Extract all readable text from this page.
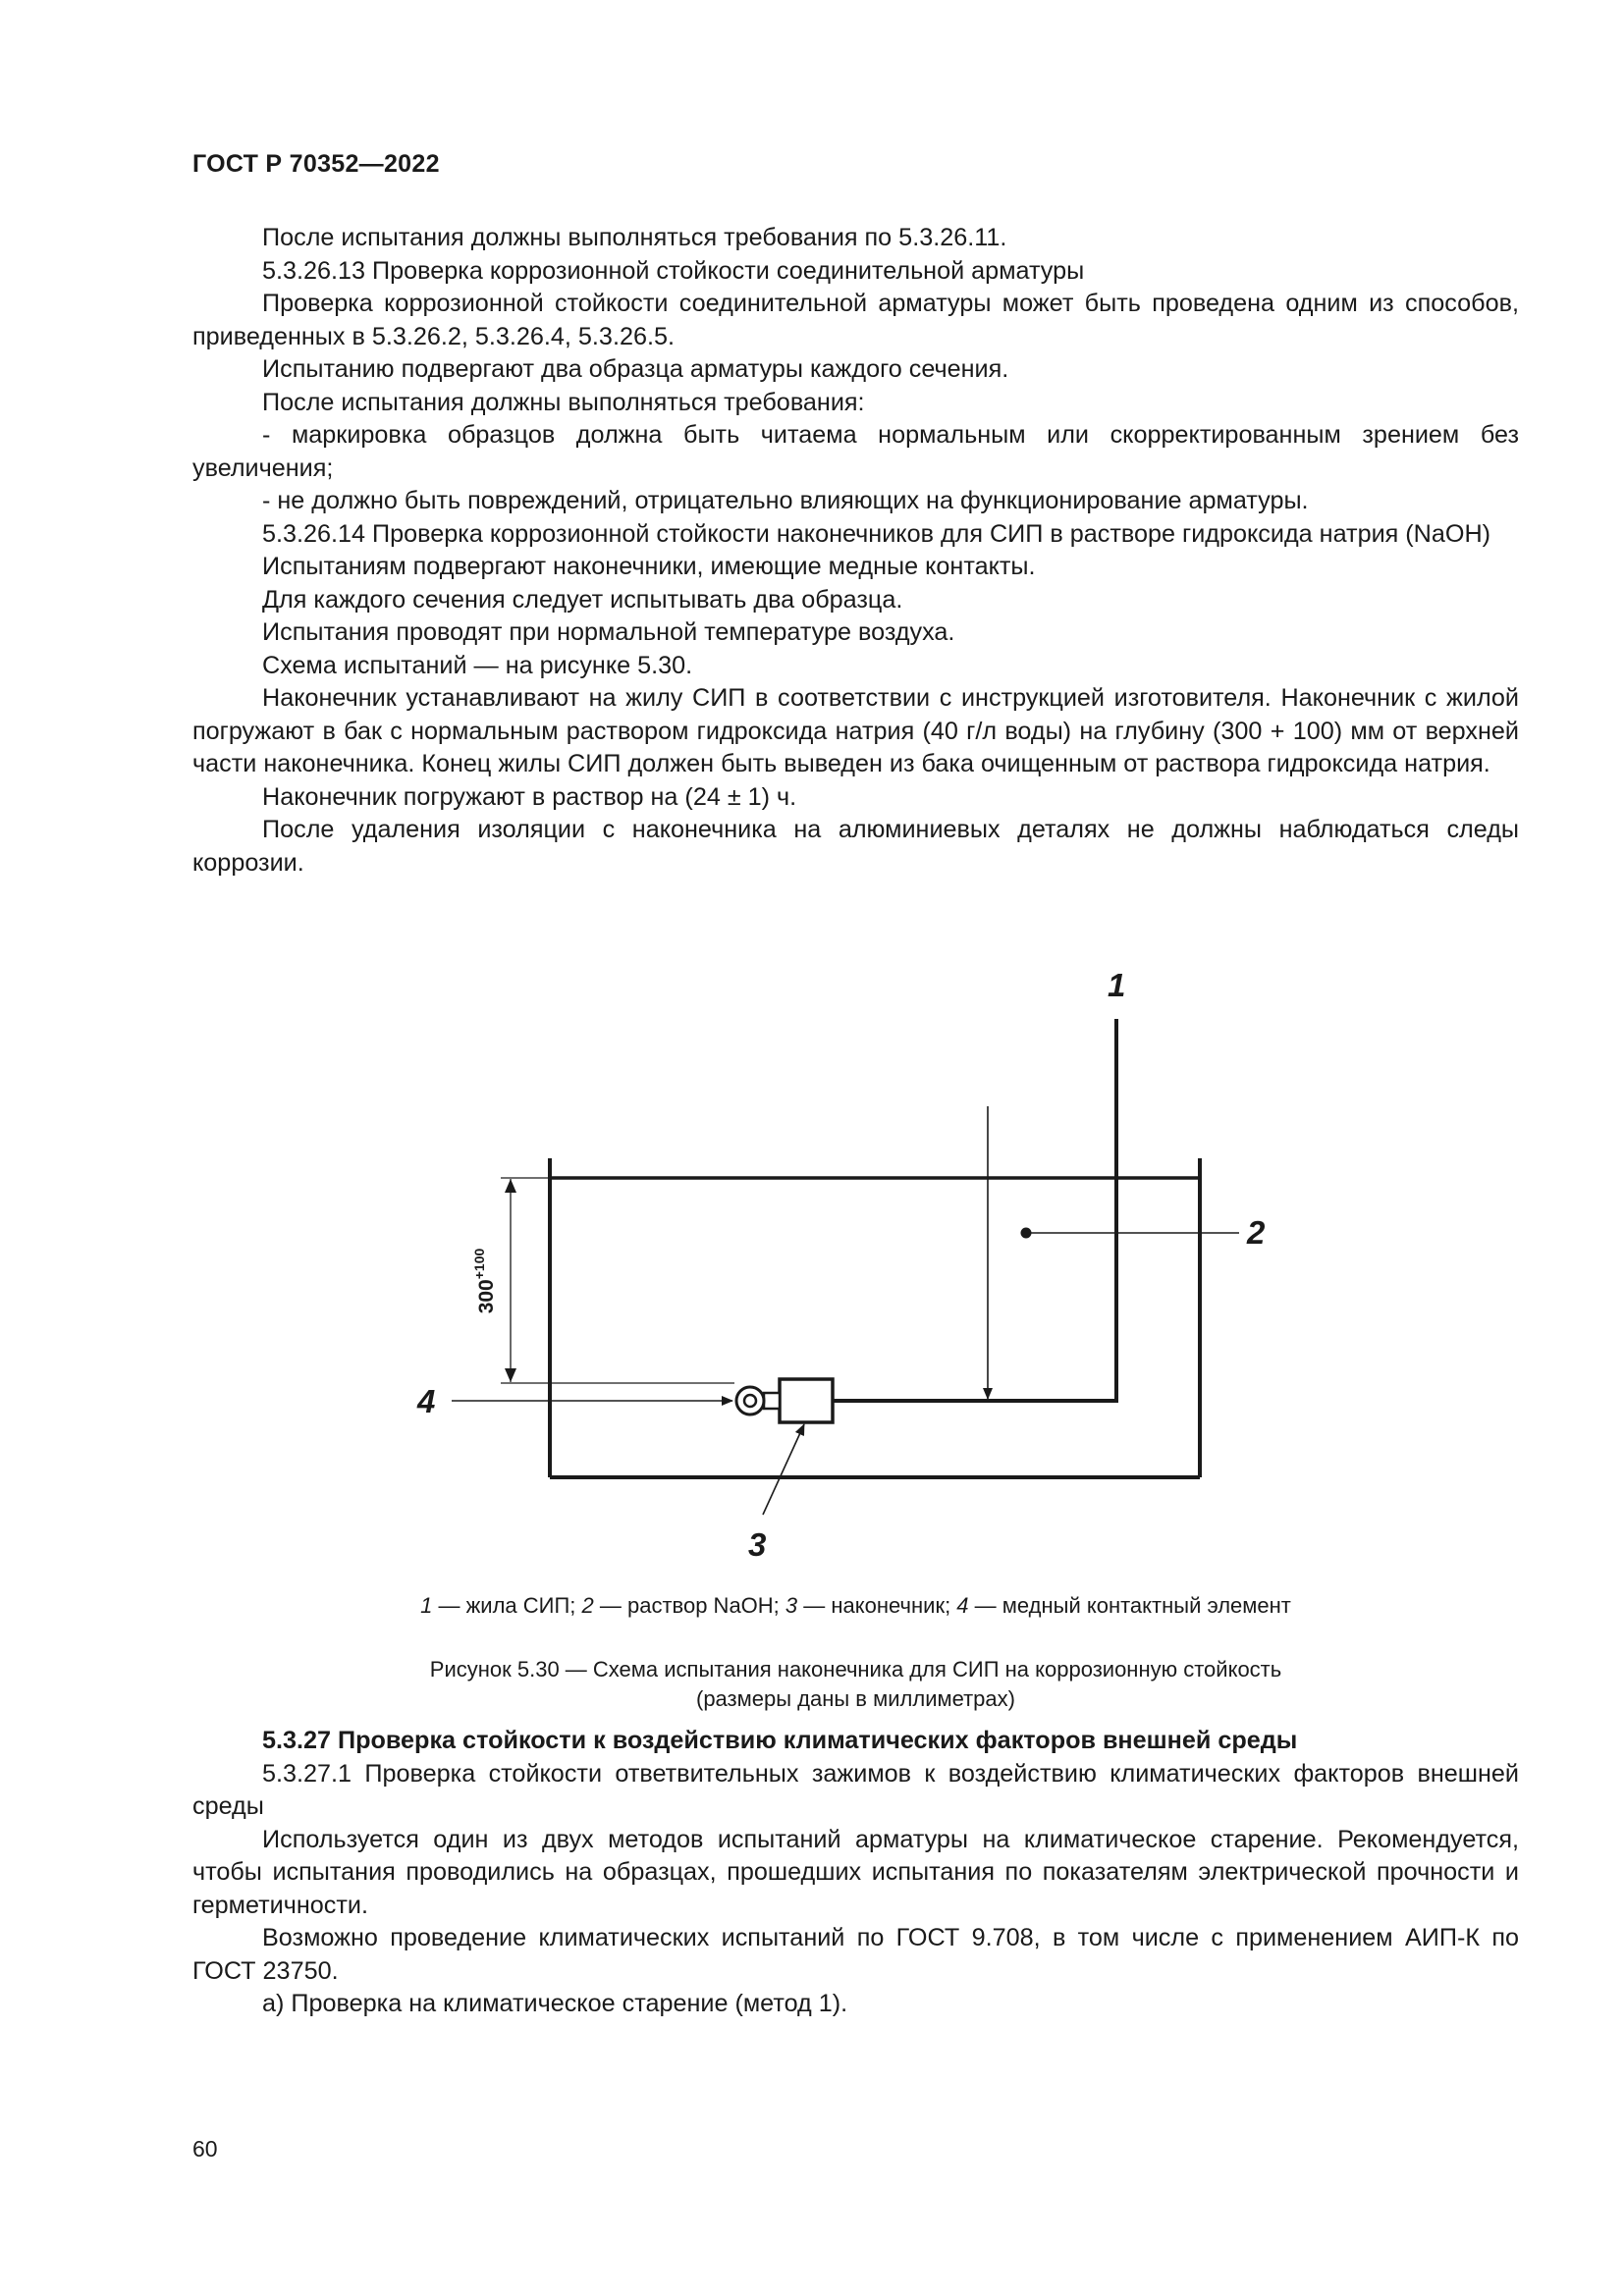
ГОСТ Р 70352—2022

После испытания должны выполняться требования по 5.3.26.11.

5.3.26.13 Проверка коррозионной стойкости соединительной арматуры

Проверка коррозионной стойкости соединительной арматуры может быть проведена одним из способов, приведенных в 5.3.26.2, 5.3.26.4, 5.3.26.5.

Испытанию подвергают два образца арматуры каждого сечения.

После испытания должны выполняться требования:

- маркировка образцов должна быть читаема нормальным или скорректированным зрением без увеличения;

- не должно быть повреждений, отрицательно влияющих на функционирование арматуры.

5.3.26.14 Проверка коррозионной стойкости наконечников для СИП в растворе гидроксида натрия (NaOH)

Испытаниям подвергают наконечники, имеющие медные контакты.

Для каждого сечения следует испытывать два образца.

Испытания проводят при нормальной температуре воздуха.

Схема испытаний — на рисунке 5.30.

Наконечник устанавливают на жилу СИП в соответствии с инструкцией изготовителя. Наконечник с жилой погружают в бак с нормальным раствором гидроксида натрия (40 г/л воды) на глубину (300 + 100) мм от верхней части наконечника. Конец жилы СИП должен быть выведен из бака очищенным от раствора гидроксида натрия.

Наконечник погружают в раствор на (24 ± 1) ч.

После удаления изоляции с наконечника на алюминиевых деталях не должны наблюдаться следы коррозии.

$300^{+100}$
1
2
3
4
1 — жила СИП; 2 — раствор NaOH; 3 — наконечник; 4 — медный контактный элемент
Рисунок 5.30 — Схема испытания наконечника для СИП на коррозионную стойкость
(размеры даны в миллиметрах)

5.3.27 Проверка стойкости к воздействию климатических факторов внешней среды

5.3.27.1 Проверка стойкости ответвительных зажимов к воздействию климатических факторов внешней среды

Используется один из двух методов испытаний арматуры на климатическое старение. Рекомендуется, чтобы испытания проводились на образцах, прошедших испытания по показателям электрической прочности и герметичности.

Возможно проведение климатических испытаний по ГОСТ 9.708, в том числе с применением АИП-К по ГОСТ 23750.

а) Проверка на климатическое старение (метод 1).

60
